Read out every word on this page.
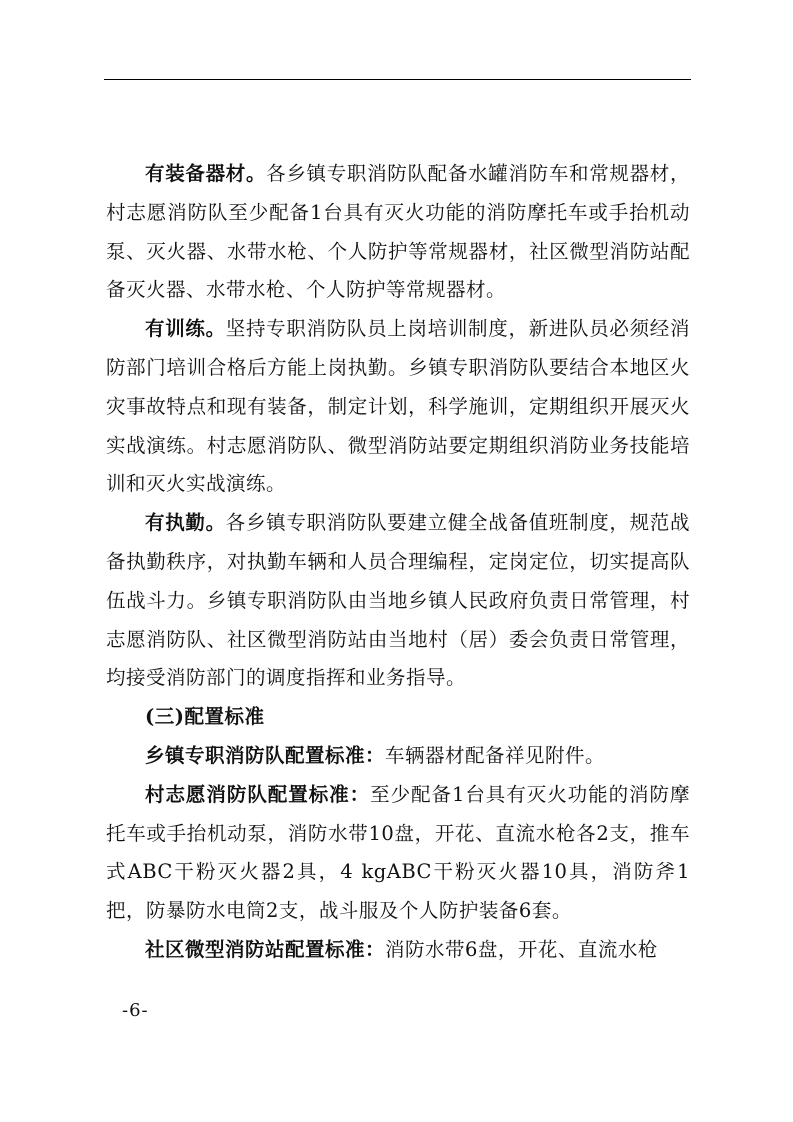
有装备器材。各乡镇专职消防队配备水罐消防车和常规器材，村志愿消防队至少配备1台具有灭火功能的消防摩托车或手抬机动泵、灭火器、水带水枪、个人防护等常规器材，社区微型消防站配备灭火器、水带水枪、个人防护等常规器材。

有训练。坚持专职消防队员上岗培训制度，新进队员必须经消防部门培训合格后方能上岗执勤。乡镇专职消防队要结合本地区火灾事故特点和现有装备，制定计划，科学施训，定期组织开展灭火实战演练。村志愿消防队、微型消防站要定期组织消防业务技能培训和灭火实战演练。

有执勤。各乡镇专职消防队要建立健全战备值班制度，规范战备执勤秩序，对执勤车辆和人员合理编程，定岗定位，切实提高队伍战斗力。乡镇专职消防队由当地乡镇人民政府负责日常管理，村志愿消防队、社区微型消防站由当地村（居）委会负责日常管理，均接受消防部门的调度指挥和业务指导。

(三)配置标准

乡镇专职消防队配置标准：车辆器材配备祥见附件。

村志愿消防队配置标准：至少配备1台具有灭火功能的消防摩托车或手抬机动泵，消防水带10盘，开花、直流水枪各2支，推车式ABC干粉灭火器2具，4 kgABC干粉灭火器10具，消防斧1把，防暴防水电筒2支，战斗服及个人防护装备6套。

社区微型消防站配置标准：消防水带6盘，开花、直流水枪

-6-
